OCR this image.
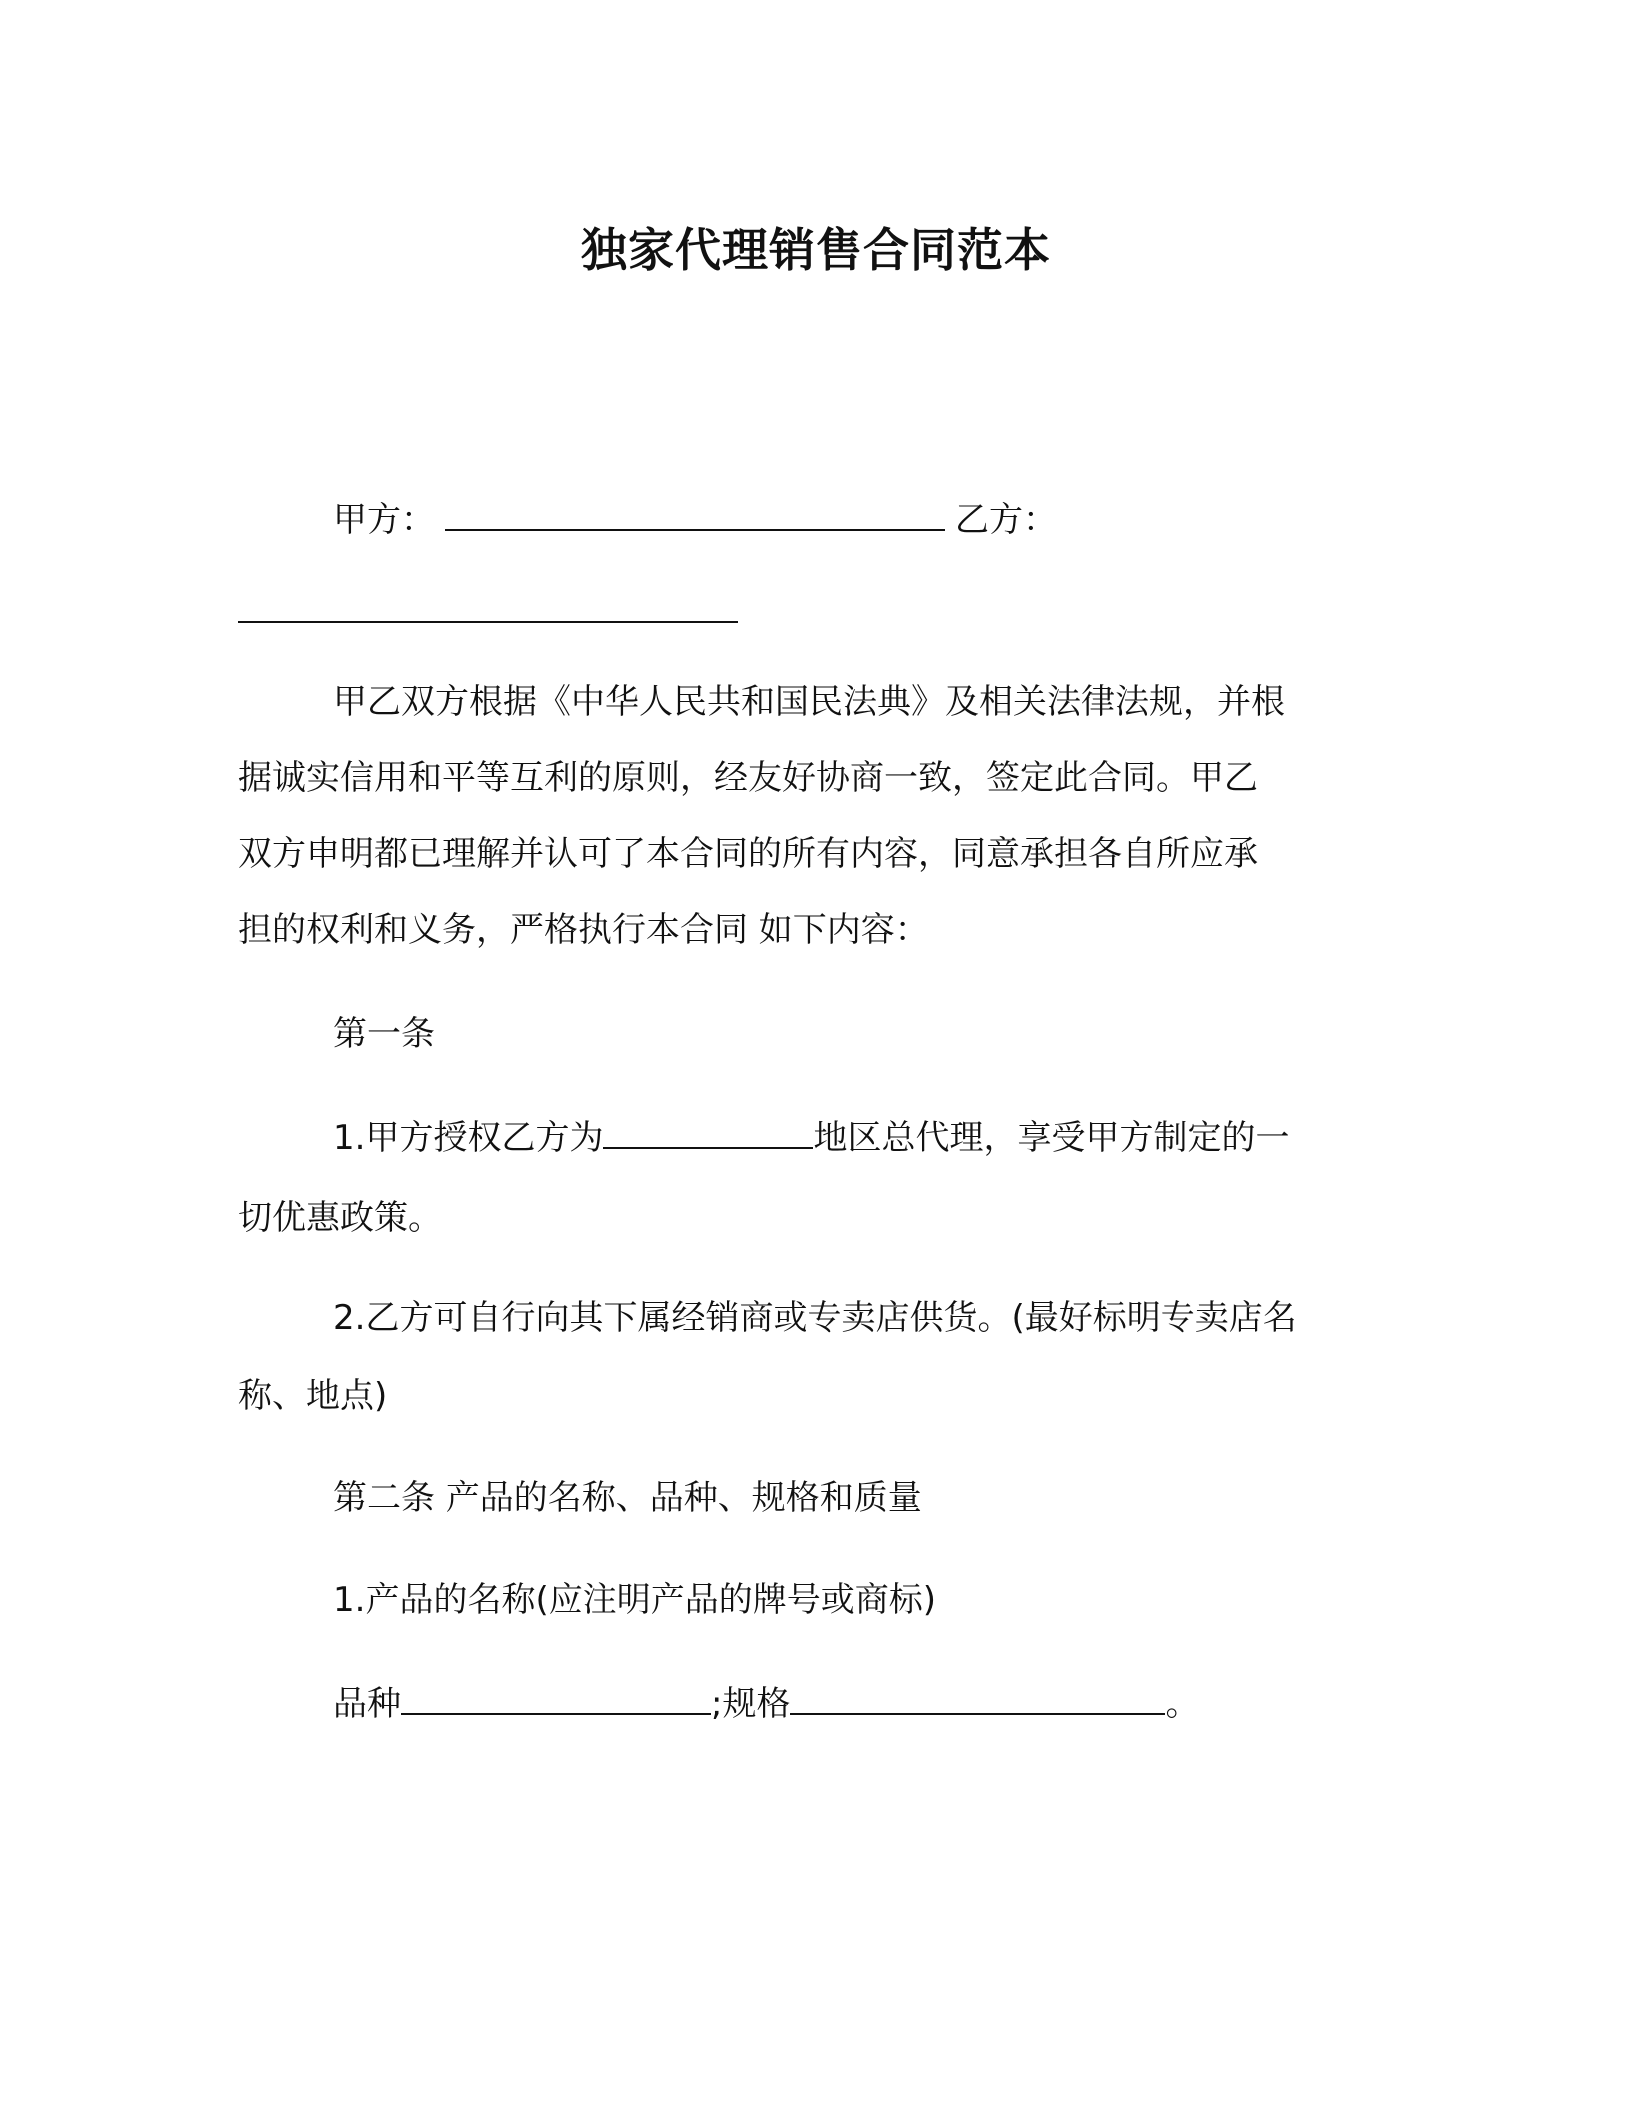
独家代理销售合同范本
甲方：	乙方：
甲乙双方根据《中华人民共和国民法典》及相关法律法规，并根
据诚实信用和平等互利的原则，经友好协商一致，签定此合同。甲乙
双方申明都已理解并认可了本合同的所有内容，同意承担各自所应承
担的权利和义务，严格执行本合同 如下内容：
第一条
1.甲方授权乙方为	地区总代理，享受甲方制定的一
切优惠政策。
2.乙方可自行向其下属经销商或专卖店供货。(最好标明专卖店名
称、地点)
第二条 产品的名称、品种、规格和质量
1.产品的名称(应注明产品的牌号或商标)
品种	;规格	。
